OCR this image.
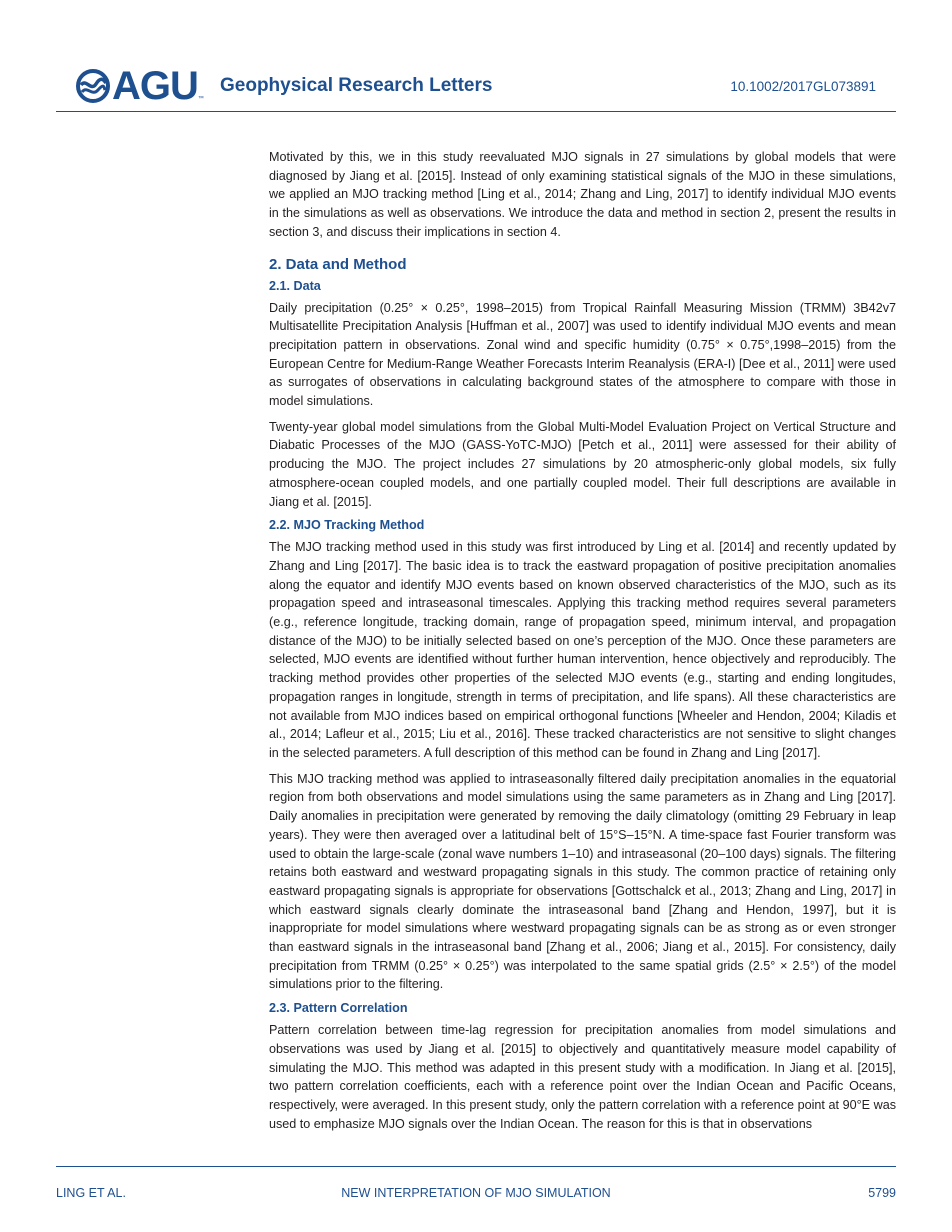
AGU ™
Geophysical Research Letters	10.1002/2017GL073891

Motivated by this, we in this study reevaluated MJO signals in 27 simulations by global models that were diagnosed by Jiang et al. [2015]. Instead of only examining statistical signals of the MJO in these simulations, we applied an MJO tracking method [Ling et al., 2014; Zhang and Ling, 2017] to identify individual MJO events in the simulations as well as observations. We introduce the data and method in section 2, present the results in section 3, and discuss their implications in section 4.

2. Data and Method
2.1. Data

Daily precipitation (0.25° × 0.25°, 1998–2015) from Tropical Rainfall Measuring Mission (TRMM) 3B42v7 Multisatellite Precipitation Analysis [Huffman et al., 2007] was used to identify individual MJO events and mean precipitation pattern in observations. Zonal wind and specific humidity (0.75° × 0.75°,1998–2015) from the European Centre for Medium-Range Weather Forecasts Interim Reanalysis (ERA-I) [Dee et al., 2011] were used as surrogates of observations in calculating background states of the atmosphere to compare with those in model simulations.

Twenty-year global model simulations from the Global Multi-Model Evaluation Project on Vertical Structure and Diabatic Processes of the MJO (GASS-YoTC-MJO) [Petch et al., 2011] were assessed for their ability of producing the MJO. The project includes 27 simulations by 20 atmospheric-only global models, six fully atmosphere-ocean coupled models, and one partially coupled model. Their full descriptions are available in Jiang et al. [2015].

2.2. MJO Tracking Method

The MJO tracking method used in this study was first introduced by Ling et al. [2014] and recently updated by Zhang and Ling [2017]. The basic idea is to track the eastward propagation of positive precipitation anomalies along the equator and identify MJO events based on known observed characteristics of the MJO, such as its propagation speed and intraseasonal timescales. Applying this tracking method requires several parameters (e.g., reference longitude, tracking domain, range of propagation speed, minimum interval, and propagation distance of the MJO) to be initially selected based on one’s perception of the MJO. Once these parameters are selected, MJO events are identified without further human intervention, hence objectively and reproducibly. The tracking method provides other properties of the selected MJO events (e.g., starting and ending longitudes, propagation ranges in longitude, strength in terms of precipitation, and life spans). All these characteristics are not available from MJO indices based on empirical orthogonal functions [Wheeler and Hendon, 2004; Kiladis et al., 2014; Lafleur et al., 2015; Liu et al., 2016]. These tracked characteristics are not sensitive to slight changes in the selected parameters. A full description of this method can be found in Zhang and Ling [2017].

This MJO tracking method was applied to intraseasonally filtered daily precipitation anomalies in the equatorial region from both observations and model simulations using the same parameters as in Zhang and Ling [2017]. Daily anomalies in precipitation were generated by removing the daily climatology (omitting 29 February in leap years). They were then averaged over a latitudinal belt of 15°S–15°N. A time-space fast Fourier transform was used to obtain the large-scale (zonal wave numbers 1–10) and intraseasonal (20–100 days) signals. The filtering retains both eastward and westward propagating signals in this study. The common practice of retaining only eastward propagating signals is appropriate for observations [Gottschalck et al., 2013; Zhang and Ling, 2017] in which eastward signals clearly dominate the intraseasonal band [Zhang and Hendon, 1997], but it is inappropriate for model simulations where westward propagating signals can be as strong as or even stronger than eastward signals in the intraseasonal band [Zhang et al., 2006; Jiang et al., 2015]. For consistency, daily precipitation from TRMM (0.25° × 0.25°) was interpolated to the same spatial grids (2.5° × 2.5°) of the model simulations prior to the filtering.

2.3. Pattern Correlation

Pattern correlation between time-lag regression for precipitation anomalies from model simulations and observations was used by Jiang et al. [2015] to objectively and quantitatively measure model capability of simulating the MJO. This method was adapted in this present study with a modification. In Jiang et al. [2015], two pattern correlation coefficients, each with a reference point over the Indian Ocean and Pacific Oceans, respectively, were averaged. In this present study, only the pattern correlation with a reference point at 90°E was used to emphasize MJO signals over the Indian Ocean. The reason for this is that in observations

LING ET AL.	NEW INTERPRETATION OF MJO SIMULATION	5799
